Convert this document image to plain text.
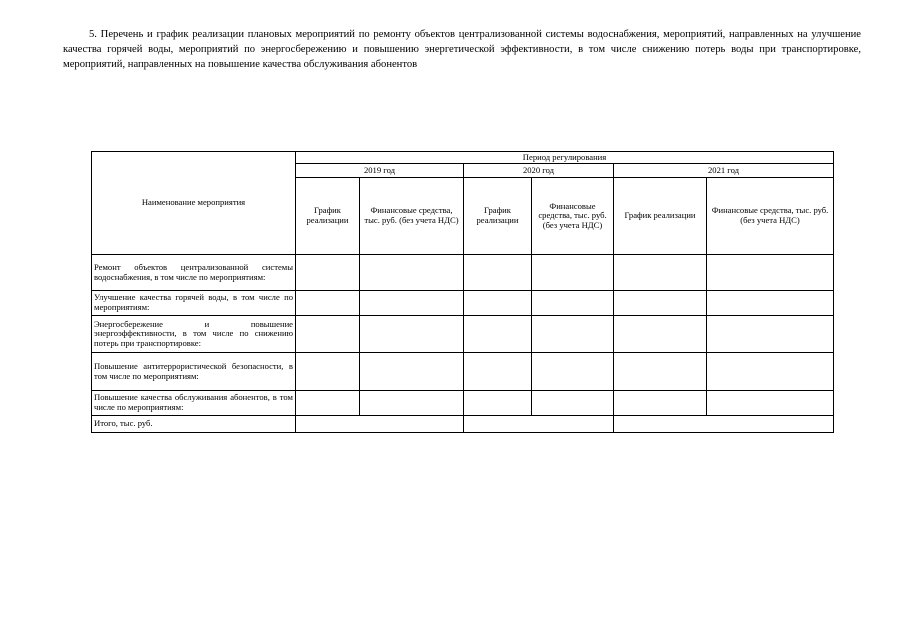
5. Перечень и график реализации плановых мероприятий по ремонту объектов централизованной системы водоснабжения, мероприятий, направленных на улучшение качества горячей воды, мероприятий по энергосбережению и повышению энергетической эффективности, в том числе снижению потерь воды при транспортировке, мероприятий, направленных на повышение качества обслуживания абонентов

Наименование мероприятия	Период регулирования					
	2019 год		2020 год		2021 год	
	График реализации	Финансовые средства, тыс. руб. (без учета НДС)	График реализации	Финансовые средства, тыс. руб. (без учета НДС)	График реализации	Финансовые средства, тыс. руб. (без учета НДС)
Ремонт объектов централизованной системы водоснабжения, в том числе по мероприятиям:						
Улучшение качества горячей воды, в том числе по мероприятиям:						
Энергосбережение и повышение энергоэффективности, в том числе по снижению потерь при транспортировке:						
Повышение антитеррористической безопасности, в том числе по мероприятиям:						
Повышение качества обслуживания абонентов, в том числе по мероприятиям:						
Итого, тыс. руб.						
